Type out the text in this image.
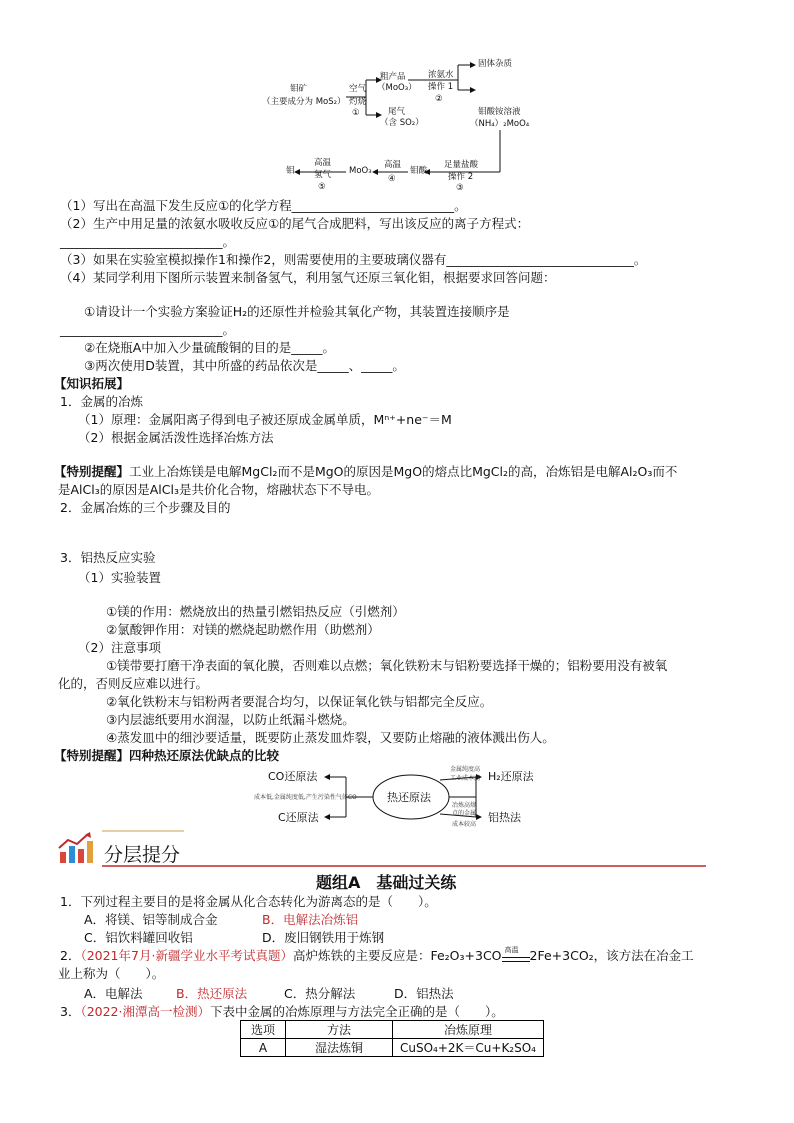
钼矿
（主要成分为 MoS₂）
空气
灼烧
①
粗产品
（MoO₃）
尾气
（含 SO₂）
浓氨水
操作 1
②
固体杂质
钼酸铵溶液
（NH₄）₂MoO₄
足量盐酸
操作 2
③
钼酸
高温
④
MoO₃
高温
氢气
⑤
钼
（1）写出在高温下发生反应①的化学方程__________________________。
（2）生产中用足量的浓氨水吸收反应①的尾气合成肥料，写出该反应的离子方程式：
__________________________。
（3）如果在实验室模拟操作1和操作2，则需要使用的主要玻璃仪器有______________________________。
（4）某同学利用下图所示装置来制备氢气，利用氢气还原三氧化钼，根据要求回答问题：
①请设计一个实验方案验证H₂的还原性并检验其氧化产物，其装置连接顺序是
__________________________。
②在烧瓶A中加入少量硫酸铜的目的是_____。
③两次使用D装置，其中所盛的药品依次是_____、_____。
【知识拓展】
1．金属的冶炼
（1）原理：金属阳离子得到电子被还原成金属单质，Mⁿ⁺+ne⁻＝M
（2）根据金属活泼性选择冶炼方法
【特别提醒】工业上冶炼镁是电解MgCl₂而不是MgO的原因是MgO的熔点比MgCl₂的高，冶炼铝是电解Al₂O₃而不
是AlCl₃的原因是AlCl₃是共价化合物，熔融状态下不导电。
2．金属冶炼的三个步骤及目的
3．铝热反应实验
（1）实验装置
①镁的作用：燃烧放出的热量引燃铝热反应（引燃剂）
②氯酸钾作用：对镁的燃烧起助燃作用（助燃剂）
（2）注意事项
①镁带要打磨干净表面的氧化膜，否则难以点燃；氧化铁粉末与铝粉要选择干燥的；铝粉要用没有被氧
化的，否则反应难以进行。
②氧化铁粉末与铝粉两者要混合均匀，以保证氧化铁与铝都完全反应。
③内层滤纸要用水润湿，以防止纸漏斗燃烧。
④蒸发皿中的细沙要适量，既要防止蒸发皿炸裂，又要防止熔融的液体溅出伤人。
【特别提醒】四种热还原法优缺点的比较
CO还原法
C还原法
热还原法
H₂还原法
铝热法
成本低,金属纯度低,产生污染性气体CO
金属纯度高
工业成本高
冶炼高熔
点的金属
成本较高
分层提分
题组A　基础过关练
1．下列过程主要目的是将金属从化合态转化为游离态的是（　　）。
A．将镁、铝等制成合金	B．电解法冶炼铝
C．铝饮料罐回收铝	D．废旧钢铁用于炼钢
2．（2021年7月·新疆学业水平考试真题）高炉炼铁的主要反应是：Fe₂O₃+3CO 高温 2Fe+3CO₂，该方法在冶金工
业上称为（　　）。
A．电解法	B．热还原法	C．热分解法	D．铝热法
3．（2022·湘潭高一检测）下表中金属的冶炼原理与方法完全正确的是（　　）。
选项	方法	冶炼原理
A	湿法炼铜	CuSO₄+2K＝Cu+K₂SO₄
